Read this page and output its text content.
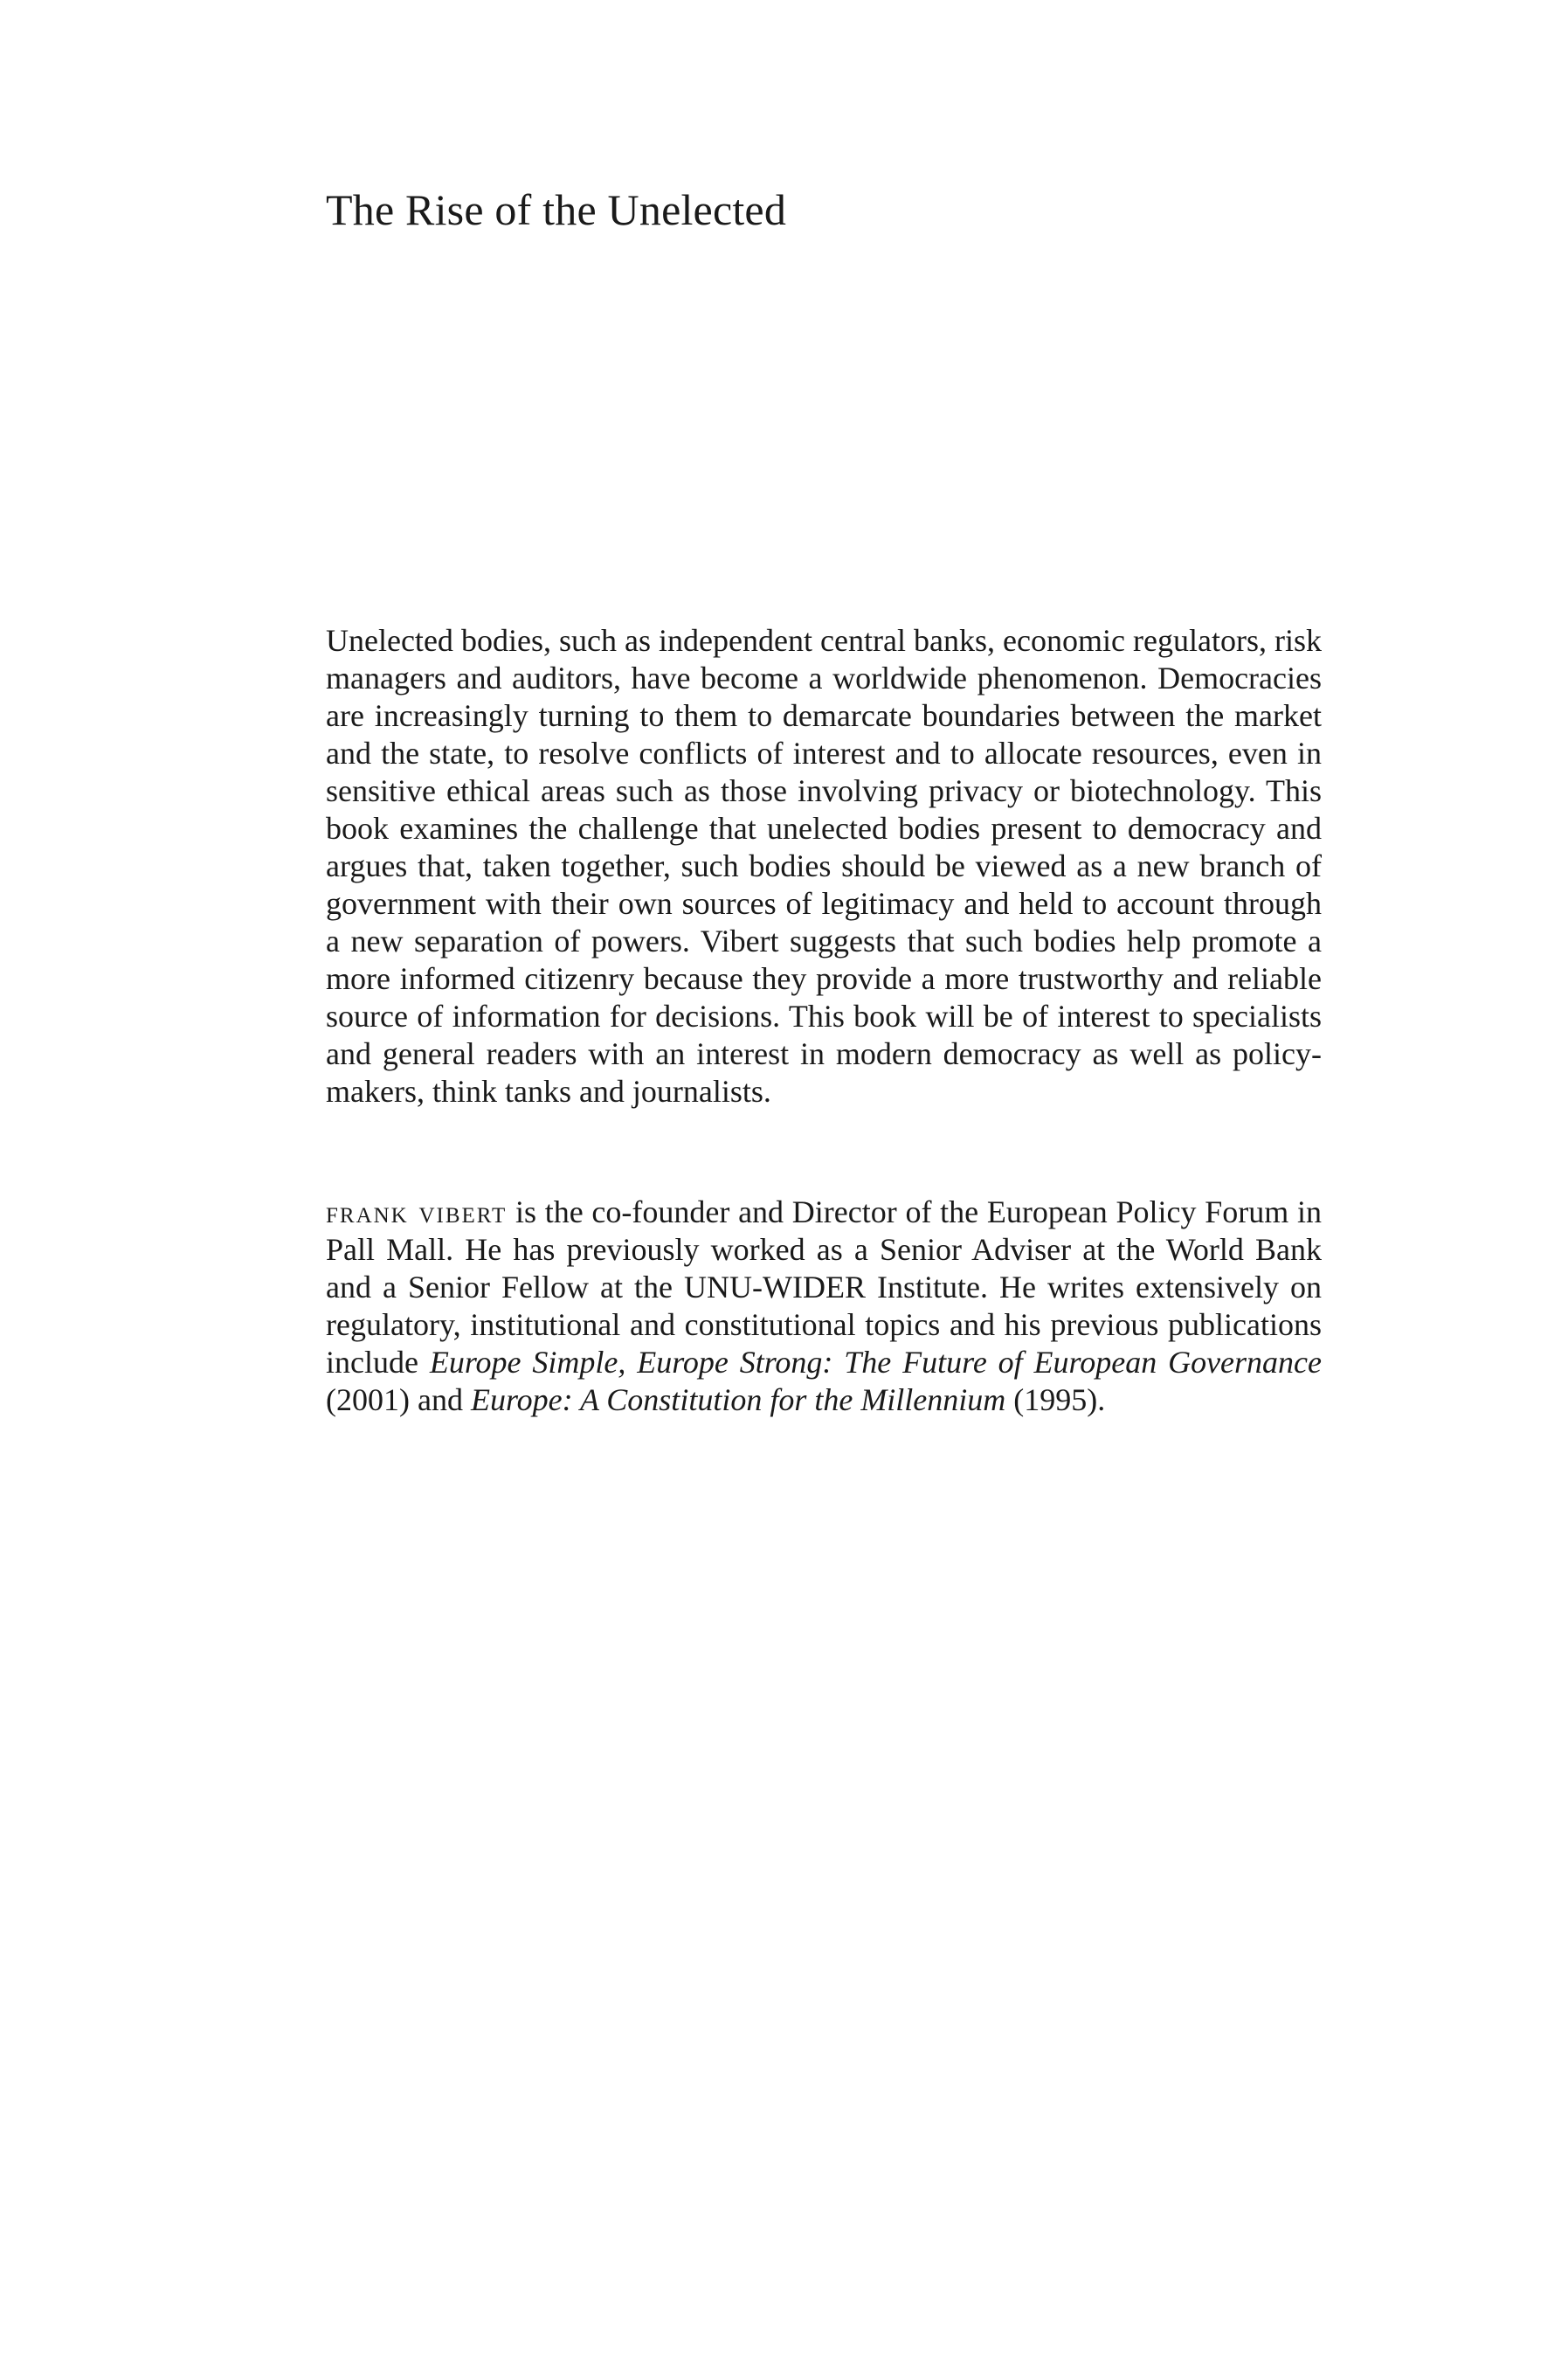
The Rise of the Unelected

Unelected bodies, such as independent central banks, economic regulators, risk managers and auditors, have become a worldwide phenomenon. Democracies are increasingly turning to them to demarcate boundaries between the market and the state, to resolve conflicts of interest and to allocate resources, even in sensitive ethical areas such as those involving privacy or biotechnology. This book examines the challenge that unelected bodies present to democracy and argues that, taken together, such bodies should be viewed as a new branch of government with their own sources of legitimacy and held to account through a new separation of powers. Vibert suggests that such bodies help promote a more informed citizenry because they provide a more trustworthy and reliable source of information for decisions. This book will be of interest to specialists and general readers with an interest in modern democracy as well as policy-makers, think tanks and journalists.

frank vibert is the co-founder and Director of the European Policy Forum in Pall Mall. He has previously worked as a Senior Adviser at the World Bank and a Senior Fellow at the UNU-WIDER Institute. He writes extensively on regulatory, institutional and constitutional topics and his previous publications include Europe Simple, Europe Strong: The Future of European Governance (2001) and Europe: A Constitution for the Millennium (1995).
